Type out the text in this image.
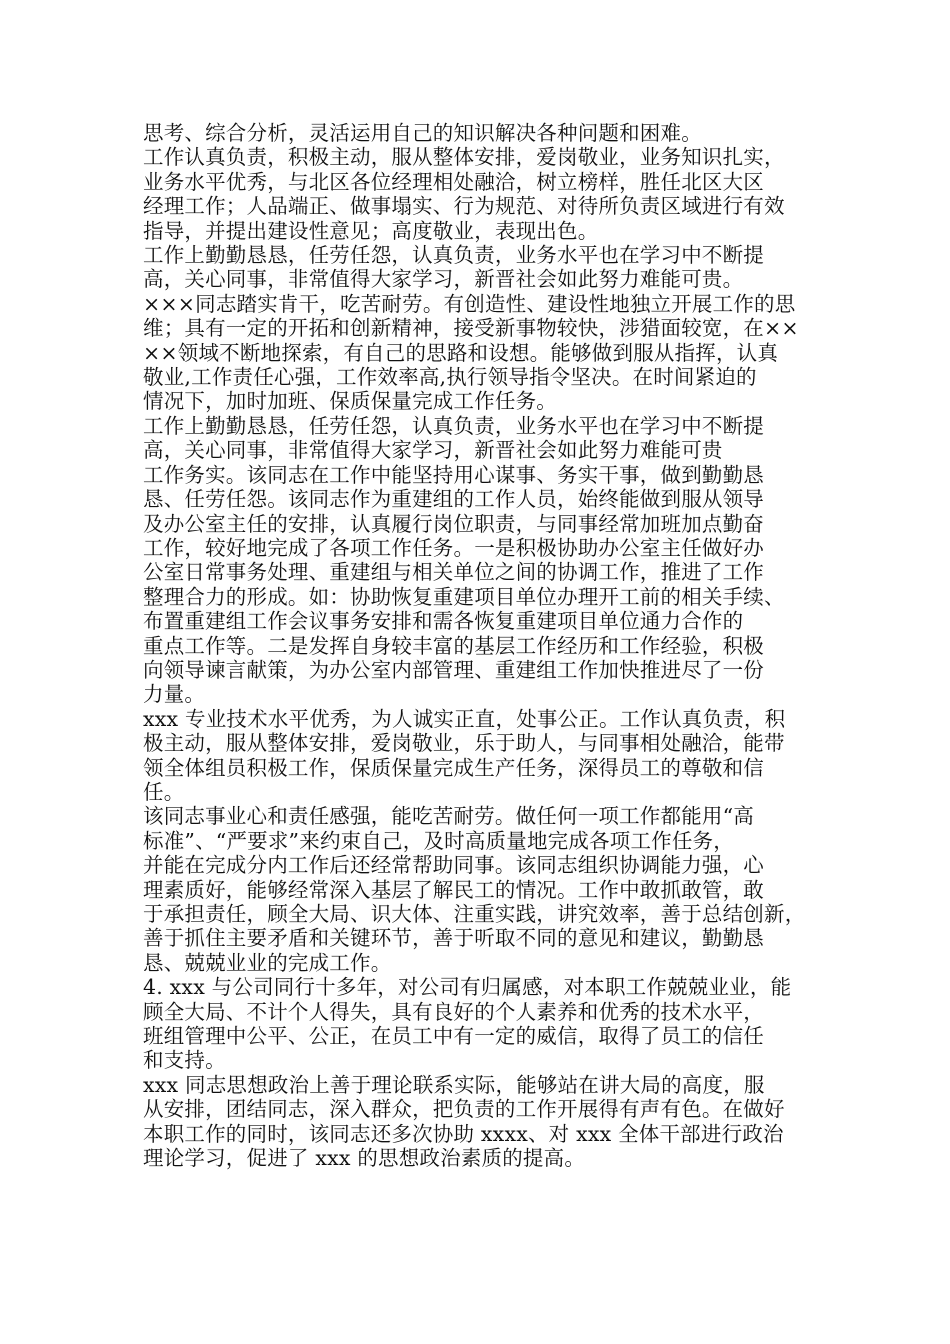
思考、综合分析，灵活运用自己的知识解决各种问题和困难。

工作认真负责，积极主动，服从整体安排，爱岗敬业，业务知识扎实，
业务水平优秀，与北区各位经理相处融洽，树立榜样，胜任北区大区
经理工作；人品端正、做事塌实、行为规范、对待所负责区域进行有效
指导，并提出建设性意见；高度敬业，表现出色。

工作上勤勤恳恳，任劳任怨，认真负责，业务水平也在学习中不断提
高，关心同事，非常值得大家学习，新晋社会如此努力难能可贵。

×××同志踏实肯干，吃苦耐劳。有创造性、建设性地独立开展工作的思
维；具有一定的开拓和创新精神，接受新事物较快，涉猎面较宽，在××
××领域不断地探索，有自己的思路和设想。能够做到服从指挥，认真
敬业,工作责任心强，工作效率高,执行领导指令坚决。在时间紧迫的
情况下，加时加班、保质保量完成工作任务。

工作上勤勤恳恳，任劳任怨，认真负责，业务水平也在学习中不断提
高，关心同事，非常值得大家学习，新晋社会如此努力难能可贵

工作务实。该同志在工作中能坚持用心谋事、务实干事，做到勤勤恳
恳、任劳任怨。该同志作为重建组的工作人员，始终能做到服从领导
及办公室主任的安排，认真履行岗位职责，与同事经常加班加点勤奋
工作，较好地完成了各项工作任务。一是积极协助办公室主任做好办
公室日常事务处理、重建组与相关单位之间的协调工作，推进了工作
整理合力的形成。如：协助恢复重建项目单位办理开工前的相关手续、
布置重建组工作会议事务安排和需各恢复重建项目单位通力合作的
重点工作等。二是发挥自身较丰富的基层工作经历和工作经验，积极
向领导谏言献策，为办公室内部管理、重建组工作加快推进尽了一份
力量。

xxx 专业技术水平优秀，为人诚实正直，处事公正。工作认真负责，积
极主动，服从整体安排，爱岗敬业，乐于助人，与同事相处融洽，能带
领全体组员积极工作，保质保量完成生产任务，深得员工的尊敬和信
任。

该同志事业心和责任感强，能吃苦耐劳。做任何一项工作都能用“高
标准”、“严要求”来约束自己，及时高质量地完成各项工作任务，
并能在完成分内工作后还经常帮助同事。该同志组织协调能力强，心
理素质好，能够经常深入基层了解民工的情况。工作中敢抓敢管，敢
于承担责任，顾全大局、识大体、注重实践，讲究效率，善于总结创新，
善于抓住主要矛盾和关键环节，善于听取不同的意见和建议，勤勤恳
恳、兢兢业业的完成工作。

4. xxx 与公司同行十多年，对公司有归属感，对本职工作兢兢业业，能
顾全大局、不计个人得失，具有良好的个人素养和优秀的技术水平，
班组管理中公平、公正，在员工中有一定的威信，取得了员工的信任
和支持。

xxx 同志思想政治上善于理论联系实际，能够站在讲大局的高度，服
从安排，团结同志，深入群众，把负责的工作开展得有声有色。在做好
本职工作的同时，该同志还多次协助 xxxx、对 xxx 全体干部进行政治
理论学习，促进了 xxx 的思想政治素质的提高。
